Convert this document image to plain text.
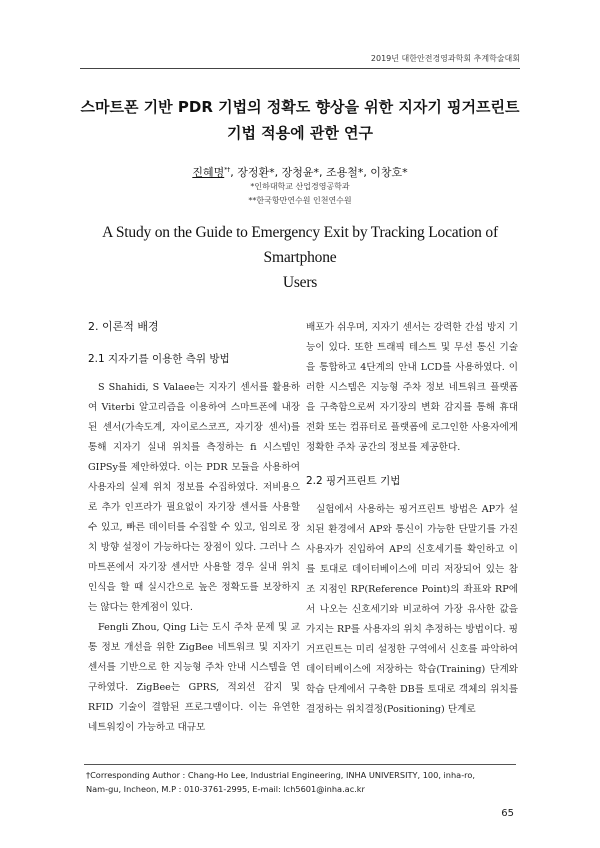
2019년 대한안전경영과학회 추계학술대회
스마트폰 기반 PDR 기법의 정확도 향상을 위한 지자기 핑거프린트
기법 적용에 관한 연구
진혜명*†, 장정환*, 장청윤*, 조용철*, 이창호*
*인하대학교 산업경영공학과
**한국항만연수원 인천연수원
A Study on the Guide to Emergency Exit by Tracking Location of Smartphone
Users
2. 이론적 배경
2.1 지자기를 이용한 측위 방법

S Shahidi, S Valaee는 지자기 센서를 활용하여 Viterbi 알고리즘을 이용하여 스마트폰에 내장된 센서(가속도계, 자이로스코프, 자기장 센서)를 통해 지자기 실내 위치를 측정하는 fi 시스템인 GIPSy를 제안하였다. 이는 PDR 모듈을 사용하여 사용자의 실제 위치 정보를 수집하였다. 저비용으로 추가 인프라가 필요없이 자기장 센서를 사용할 수 있고, 빠른 데이터를 수집할 수 있고, 임의로 장치 방향 설정이 가능하다는 장점이 있다. 그러나 스마트폰에서 자기장 센서만 사용할 경우 실내 위치 인식을 할 때 실시간으로 높은 정확도를 보장하지는 않다는 한계점이 있다.

Fengli Zhou, Qing Li는 도시 주차 문제 및 교통 정보 개선을 위한 ZigBee 네트워크 및 지자기 센서를 기반으로 한 지능형 주차 안내 시스템을 연구하였다. ZigBee는 GPRS, 적외선 감지 및 RFID 기술이 결합된 프로그램이다. 이는 유연한 네트워킹이 가능하고 대규모

배포가 쉬우며, 지자기 센서는 강력한 간섭 방지 기능이 있다. 또한 트래픽 테스트 및 무선 통신 기술을 통합하고 4단계의 안내 LCD를 사용하였다. 이러한 시스템은 지능형 주차 정보 네트워크 플랫폼을 구축함으로써 자기장의 변화 감지를 통해 휴대전화 또는 컴퓨터로 플랫폼에 로그인한 사용자에게 정확한 주차 공간의 정보를 제공한다.

2.2 핑거프린트 기법

실험에서 사용하는 핑거프린트 방법은 AP가 설치된 환경에서 AP와 통신이 가능한 단말기를 가진 사용자가 진입하여 AP의 신호세기를 확인하고 이를 토대로 데이터베이스에 미리 저장되어 있는 참조 지점인 RP(Reference Point)의 좌표와 RP에서 나오는 신호세기와 비교하여 가장 유사한 값을 가지는 RP를 사용자의 위치 추정하는 방법이다. 핑거프린트는 미리 설정한 구역에서 신호를 파악하여 데이터베이스에 저장하는 학습(Training) 단계와 학습 단계에서 구축한 DB를 토대로 객체의 위치를 결정하는 위치결정(Positioning) 단계로

†Corresponding Author : Chang-Ho Lee, Industrial Engineering, INHA UNIVERSITY, 100, inha-ro,
Nam-gu, Incheon, M.P : 010-3761-2995, E-mail: lch5601@inha.ac.kr
65
